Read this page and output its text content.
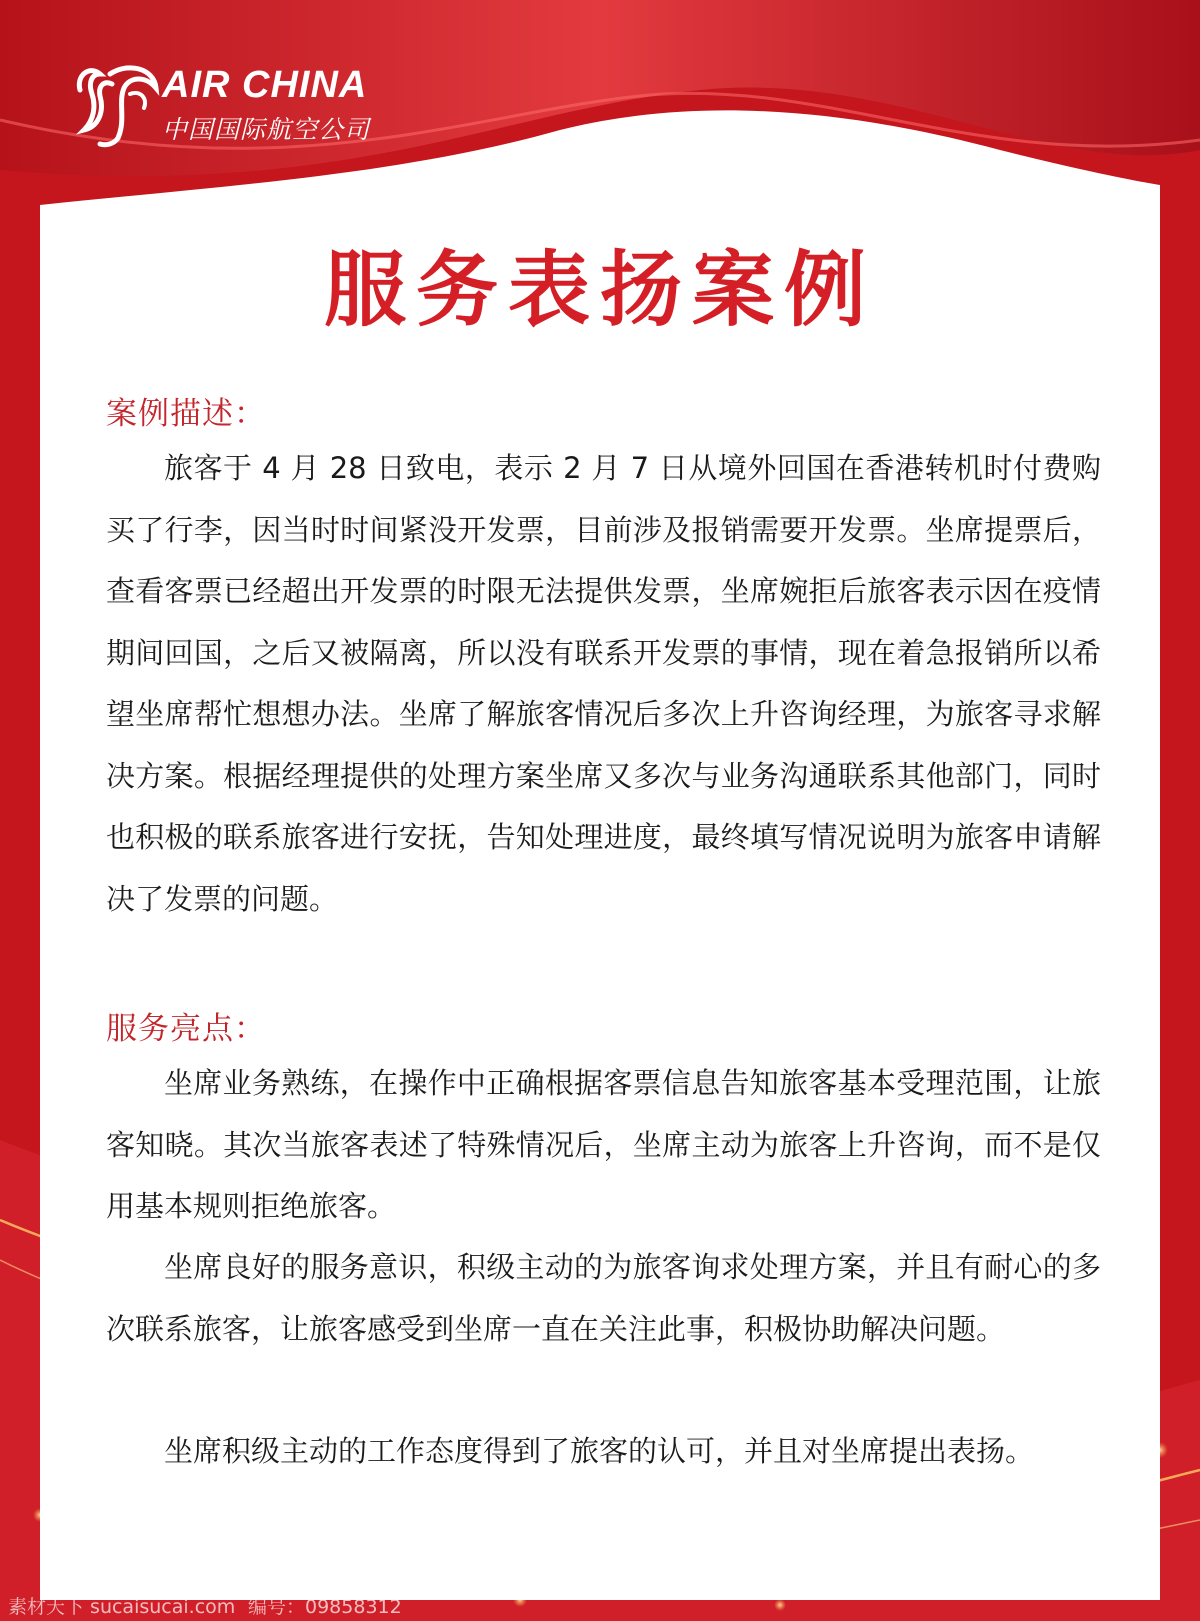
AIR CHINA
中国国际航空公司
服务表扬案例
案例描述：

旅客于 4 月 28 日致电，表示 2 月 7 日从境外回国在香港转机时付费购买了行李，因当时时间紧没开发票，目前涉及报销需要开发票。坐席提票后，查看客票已经超出开发票的时限无法提供发票，坐席婉拒后旅客表示因在疫情期间回国，之后又被隔离，所以没有联系开发票的事情，现在着急报销所以希望坐席帮忙想想办法。坐席了解旅客情况后多次上升咨询经理，为旅客寻求解决方案。根据经理提供的处理方案坐席又多次与业务沟通联系其他部门，同时也积极的联系旅客进行安抚，告知处理进度，最终填写情况说明为旅客申请解决了发票的问题。

服务亮点：

坐席业务熟练，在操作中正确根据客票信息告知旅客基本受理范围，让旅客知晓。其次当旅客表述了特殊情况后，坐席主动为旅客上升咨询，而不是仅用基本规则拒绝旅客。

坐席良好的服务意识，积级主动的为旅客询求处理方案，并且有耐心的多次联系旅客，让旅客感受到坐席一直在关注此事，积极协助解决问题。

坐席积级主动的工作态度得到了旅客的认可，并且对坐席提出表扬。

素材天下 sucaisucai.com 编号：09858312
